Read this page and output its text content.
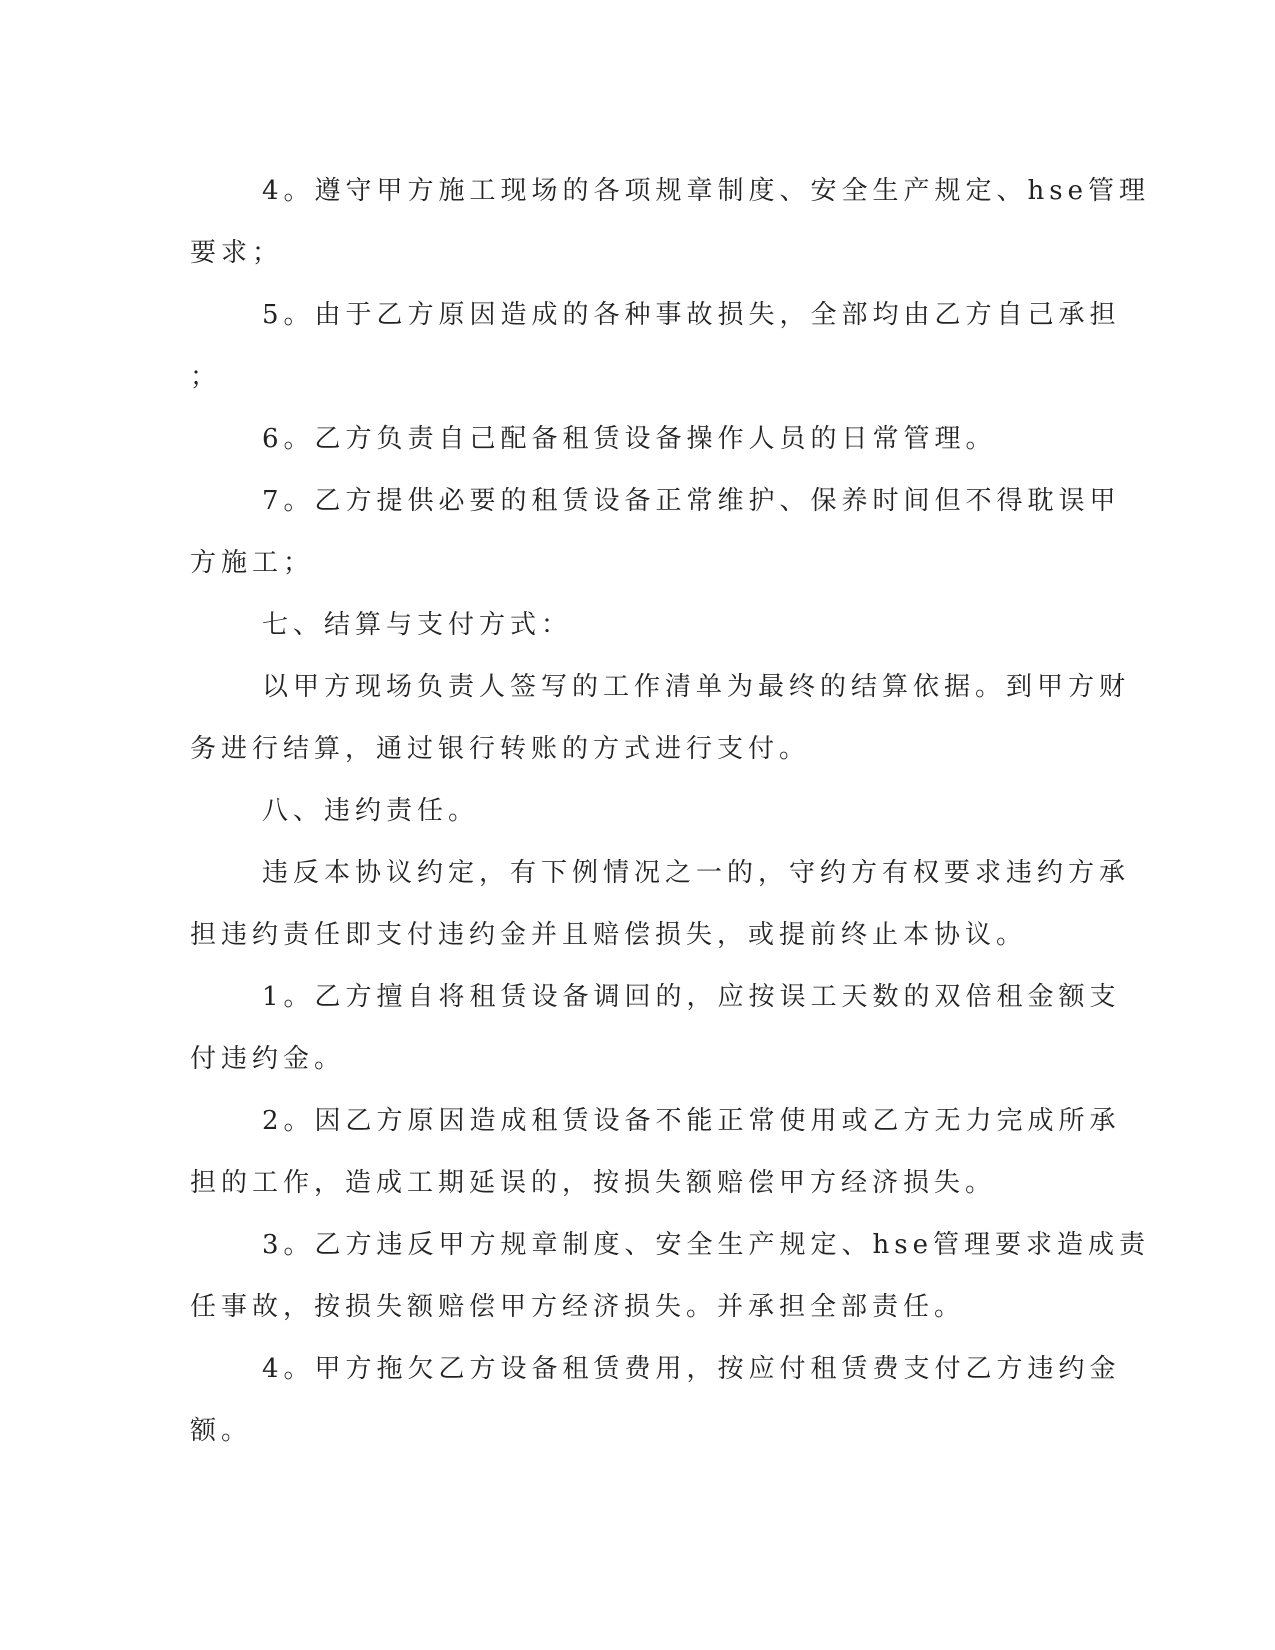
4。遵守甲方施工现场的各项规章制度、安全生产规定、hse管理
要求；
5。由于乙方原因造成的各种事故损失，全部均由乙方自己承担
；
6。乙方负责自己配备租赁设备操作人员的日常管理。
7。乙方提供必要的租赁设备正常维护、保养时间但不得耽误甲
方施工；
七、结算与支付方式：
以甲方现场负责人签写的工作清单为最终的结算依据。到甲方财
务进行结算，通过银行转账的方式进行支付。
八、违约责任。
违反本协议约定，有下例情况之一的，守约方有权要求违约方承
担违约责任即支付违约金并且赔偿损失，或提前终止本协议。
1。乙方擅自将租赁设备调回的，应按误工天数的双倍租金额支
付违约金。
2。因乙方原因造成租赁设备不能正常使用或乙方无力完成所承
担的工作，造成工期延误的，按损失额赔偿甲方经济损失。
3。乙方违反甲方规章制度、安全生产规定、hse管理要求造成责
任事故，按损失额赔偿甲方经济损失。并承担全部责任。
4。甲方拖欠乙方设备租赁费用，按应付租赁费支付乙方违约金
额。
